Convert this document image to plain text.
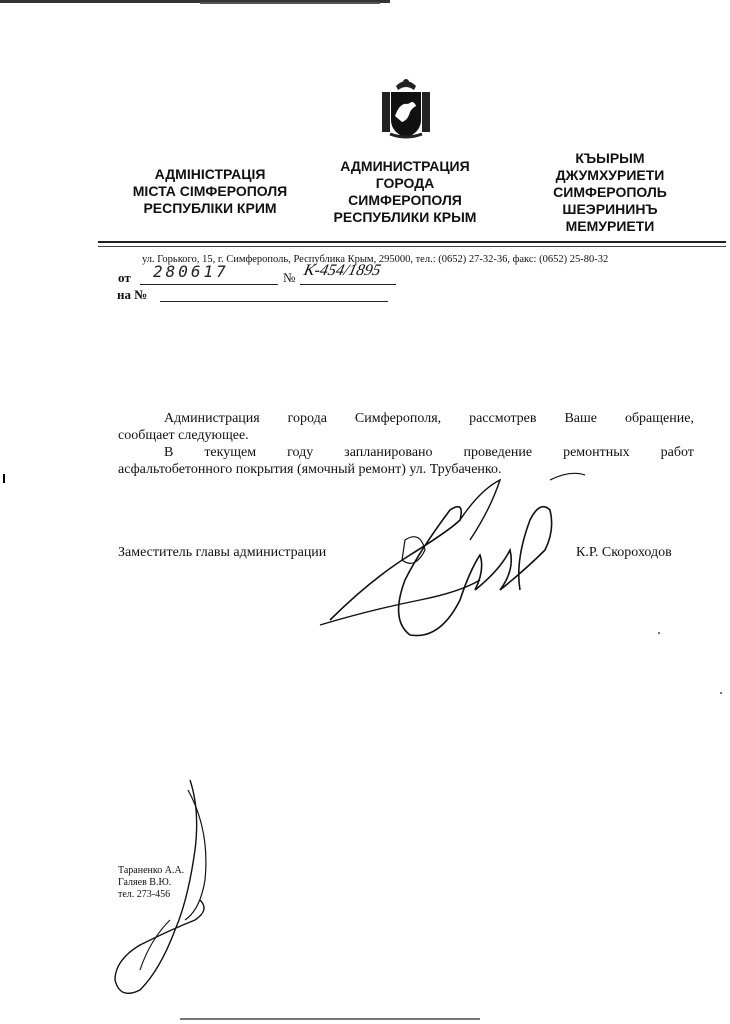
АДМІНІСТРАЦІЯ
МІСТА СІМФЕРОПОЛЯ
РЕСПУБЛІКИ КРИМ
АДМИНИСТРАЦИЯ
ГОРОДА
СИМФЕРОПОЛЯ
РЕСПУБЛИКИ КРЫМ
КЪЫРЫМ
ДЖУМХУРИЕТИ
СИМФЕРОПОЛЬ
ШЕЭРИНИНЪ
МЕМУРИЕТИ
ул. Горького, 15, г. Симферополь, Республика Крым, 295000, тел.: (0652) 27-32-36, факс: (0652) 25-80-32
от 280617	№ К-454/1895
на №
Администрация города Симферополя, рассмотрев Ваше обращение,
сообщает следующее.
В текущем году запланировано проведение ремонтных работ
асфальтобетонного покрытия (ямочный ремонт) ул. Трубаченко.
Заместитель главы администрации	К.Р. Скороходов
Тараненко А.А.
Галяев В.Ю.
тел. 273-456
